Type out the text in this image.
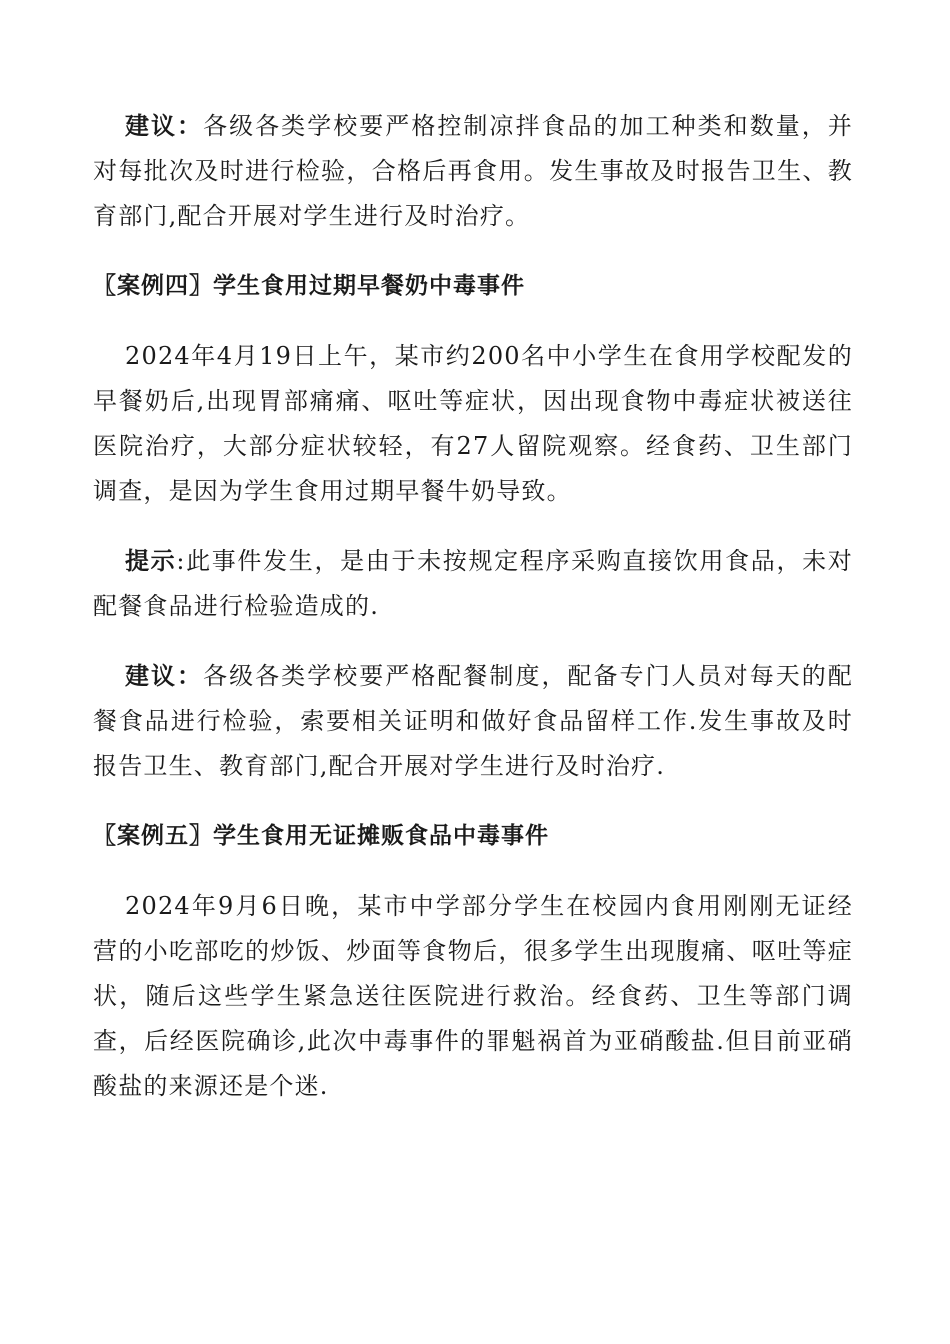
建议：各级各类学校要严格控制凉拌食品的加工种类和数量，并对每批次及时进行检验，合格后再食用。发生事故及时报告卫生、教育部门,配合开展对学生进行及时治疗。

〖案例四〗学生食用过期早餐奶中毒事件

2024年4月19日上午，某市约200名中小学生在食用学校配发的早餐奶后,出现胃部痛痛、呕吐等症状，因出现食物中毒症状被送往医院治疗，大部分症状较轻，有27人留院观察。经食药、卫生部门调查，是因为学生食用过期早餐牛奶导致。

提示:此事件发生，是由于未按规定程序采购直接饮用食品，未对配餐食品进行检验造成的.

建议：各级各类学校要严格配餐制度，配备专门人员对每天的配餐食品进行检验，索要相关证明和做好食品留样工作.发生事故及时报告卫生、教育部门,配合开展对学生进行及时治疗.

〖案例五〗学生食用无证摊贩食品中毒事件

2024年9月6日晚，某市中学部分学生在校园内食用刚刚无证经营的小吃部吃的炒饭、炒面等食物后，很多学生出现腹痛、呕吐等症状，随后这些学生紧急送往医院进行救治。经食药、卫生等部门调查，后经医院确诊,此次中毒事件的罪魁祸首为亚硝酸盐.但目前亚硝酸盐的来源还是个迷.
